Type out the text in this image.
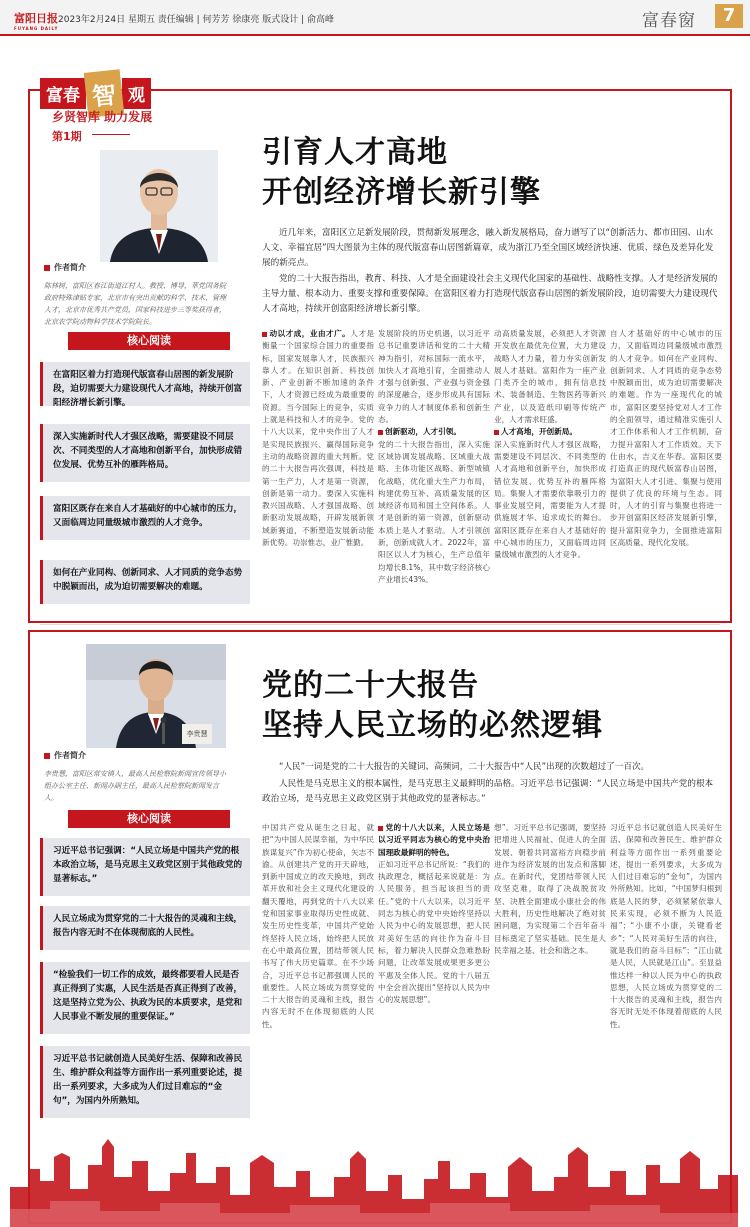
富阳日报
FUYANG DAILY
2023年2月24日 星期五 责任编辑 | 何芳芳 徐康亮 版式设计 | 俞高峰	富春窗	7
富春 智 观
乡贤智库 助力发展
第1期	引育人才高地
开创经济增长新引擎
近几年来，富阳区立足新发展阶段，贯彻新发展理念，融入新发展格局，奋力谱写了以“创新活力、都市田园、山水人文、幸福宜居”四大图景为主体的现代版富春山居图新篇章，成为浙江乃至全国区域经济快速、优质、绿色及差异化发展的新亮点。
党的二十大报告指出，教育、科技、人才是全面建设社会主义现代化国家的基础性、战略性支撑。人才是经济发展的主导力量、根本动力、重要支撑和重要保障。在富阳区着力打造现代版富春山居图的新发展阶段，迫切需要大力建设现代人才高地，持续开创富阳经济增长新引擎。
作者简介
陈林树，富阳区春江街道江村人。教授、博导，華党国务院政府特殊津贴专家，北京市有突出贡献的科学、技术、管理人才，北京市优秀共产党员，国家科技进步三等奖获得者，北京农学院动物科学技术学院院长。
核心阅读
在富阳区着力打造现代版富春山居图的新发展阶段，迫切需要大力建设现代人才高地，持续开创富阳经济增长新引擎。
深入实施新时代人才强区战略，需要建设不同层次、不同类型的人才高地和创新平台，加快形成错位发展、优势互补的雁阵格局。
富阳区既存在来自人才基础好的中心城市的压力，又面临周边同量级城市激烈的人才竞争。
如何在产业同构、创新同求、人才同质的竞争态势中脱颖而出，成为迫切需要解决的难题。
动以才成，业由才广。人才是衡量一个国家综合国力的重要指标，国家发展靠人才，民族振兴靠人才。在知识创新、科技创新、产业创新不断加速的条件下，人才资源已经成为最重要的资源。当今国际上的竞争，实质上就是科技和人才的竞争。党的十八大以来，党中央作出了人才是实现民族振兴、赢得国际竞争主动的战略资源的重大判断。党的二十大报告再次强调，科技是第一生产力，人才是第一资源，创新是第一动力。要深入实施科教兴国战略、人才强国战略、创新驱动发展战略，开辟发展新领域新赛道，不断塑造发展新动能新优势。功崇惟志，业广惟勤。
发展阶段的历史机遇，以习近平总书记重要讲话和党的二十大精神为指引，对标国际一流水平，加快人才高地引育，全面推动人才强与创新强、产业强与资金强的深度融合，逐步形成具有国际竞争力的人才制度体系和创新生态。
创新驱动，人才引领。
党的二十大报告指出，深入实施区域协调发展战略、区域重大战略、主体功能区战略、新型城镇化战略，优化重大生产力布局，构建优势互补、高质量发展的区域经济布局和国土空间体系。人才是创新的第一资源，创新驱动本质上是人才驱动。人才引领创新，创新成就人才。2022年，富阳区以人才为核心，生产总值年均增长8.1%，其中数字经济核心产业增长43%。
动高质量发展，必须把人才资源开发放在最优先位置，大力建设战略人才力量，着力夯实创新发展人才基础。富阳作为一座产业门类齐全的城市，拥有信息技术、装备制造、生物医药等新兴产业，以及造纸印刷等传统产业，人才需求旺盛。
人才高地，开创新局。
深入实施新时代人才强区战略，需要建设不同层次、不同类型的人才高地和创新平台，加快形成错位发展、优势互补的雁阵格局。集聚人才需要依靠吸引力的事业发展空间，需要能为人才提供施展才华、追求成长的舞台。富阳区既存在来自人才基础好的中心城市的压力，又面临周边同量级城市激烈的人才竞争。
自人才基础好的中心城市的压力，又面临周边同量级城市激烈的人才竞争。如何在产业同构、创新同求、人才同质的竞争态势中脱颖而出，成为迫切需要解决的难题。作为一座现代化的城市，富阳区要坚持党对人才工作的全面领导，通过精准实施引人才工作体系和人才工作机制，奋力提升富阳人才工作质效。天下仕由水，吉义在华春。富阳区要打造真正的现代版富春山居图，为富阳大人才引进、集聚与使用提供了优良的环境与生态。同时，人才的引育与集聚也将进一步开创富阳区经济发展新引擎，提升富阳竞争力，全面推进富阳区高质量、现代化发展。
党的二十大报告
坚持人民立场的必然逻辑
“人民”一词是党的二十大报告的关键词、高频词，二十大报告中“人民”出现的次数超过了一百次。
人民性是马克思主义的根本属性，是马克思主义最鲜明的品格。习近平总书记强调：“人民立场是中国共产党的根本政治立场，是马克思主义政党区别于其他政党的显著标志。”
李贵慧
作者简介
李贵慧，富阳区常安镇人，最高人民检察院新闻宣传领导小组办公室主任、新闻办副主任，最高人民检察院新闻发言人。
核心阅读
习近平总书记强调：“人民立场是中国共产党的根本政治立场，是马克思主义政党区别于其他政党的显著标志。”
人民立场成为贯穿党的二十大报告的灵魂和主线，报告内容无时不在体现彻底的人民性。
“检验我们一切工作的成效，最终都要看人民是否真正得到了实惠，人民生活是否真正得到了改善，这是坚持立党为公、执政为民的本质要求，是党和人民事业不断发展的重要保证。”
习近平总书记就创造人民美好生活、保障和改善民生、维护群众利益等方面作出一系列重要论述，提出一系列要求，大多成为人们过目难忘的“金句”，为国内外所熟知。
中国共产党从诞生之日起，就把“为中国人民谋幸福，为中华民族谋复兴”作为初心使命，矢志不渝。从创建共产党的开天辟地，到新中国成立的改天换地，到改革开放和社会主义现代化建设的翻天覆地，再到党的十八大以来党和国家事业取得历史性成就、发生历史性变革，中国共产党始终坚持人民立场，始终把人民放在心中最高位置，团结带领人民书写了伟大历史篇章。在不少场合，习近平总书记都强调人民的重要性。人民立场成为贯穿党的二十大报告的灵魂和主线，报告内容无时不在体现彻底的人民性。
党的十八大以来，人民立场是以习近平同志为核心的党中央治国理政最鲜明的特色。
正如习近平总书记所说：“我们的执政理念，概括起来说就是：为人民服务，担当起该担当的责任。”党的十八大以来，以习近平同志为核心的党中央始终坚持以人民为中心的发展思想，把人民对美好生活的向往作为奋斗目标，着力解决人民群众急难愁盼问题，让改革发展成果更多更公平惠及全体人民。党的十八届五中全会首次提出“坚持以人民为中心的发展思想”。
想”。习近平总书记强调，要坚持把增进人民福祉、促进人的全面发展、朝着共同富裕方向稳步前进作为经济发展的出发点和落脚点。在新时代，党团结带领人民攻坚克难，取得了决战脱贫攻坚、决胜全面建成小康社会的伟大胜利，历史性地解决了绝对贫困问题，为实现第二个百年奋斗目标奠定了坚实基础。民生是人民幸福之基、社会和谐之本。
习近平总书记就创造人民美好生活、保障和改善民生、维护群众利益等方面作出一系列重要论述，提出一系列要求，大多成为人们过目难忘的“金句”，为国内外所熟知。比如，“中国梦归根到底是人民的梦，必须紧紧依靠人民来实现，必须不断为人民造福”；“小康不小康，关键看老乡”；“人民对美好生活的向往，就是我们的奋斗目标”；“江山就是人民，人民就是江山”。至显益惟达样一种以人民为中心的执政思想，人民立场成为贯穿党的二十大报告的灵魂和主线，报告内容无时无处不体现着彻底的人民性。
